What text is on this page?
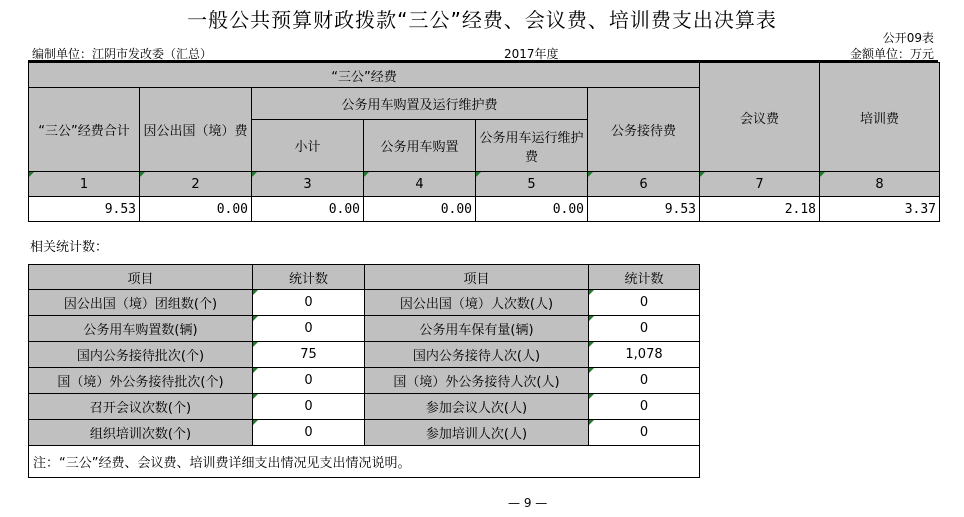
一般公共预算财政拨款“三公”经费、会议费、培训费支出决算表
公开09表
编制单位：江阴市发改委（汇总）	2017年度	金额单位：万元
“三公”经费						会议费	培训费
“三公”经费合计	因公出国（境）费	公务用车购置及运行维护费			公务接待费		
		小计	公务用车购置	公务用车运行维护费			
1	2	3	4	5	6	7	8
9.53	0.00	0.00	0.00	0.00	9.53	2.18	3.37
相关统计数：
项目	统计数	项目	统计数
因公出国（境）团组数(个)	0	因公出国（境）人次数(人)	0
公务用车购置数(辆)	0	公务用车保有量(辆)	0
国内公务接待批次(个)	75	国内公务接待人次(人)	1,078
国（境）外公务接待批次(个)	0	国（境）外公务接待人次(人)	0
召开会议次数(个)	0	参加会议人次(人)	0
组织培训次数(个)	0	参加培训人次(人)	0
注：“三公”经费、会议费、培训费详细支出情况见支出情况说明。			
— 9 —
